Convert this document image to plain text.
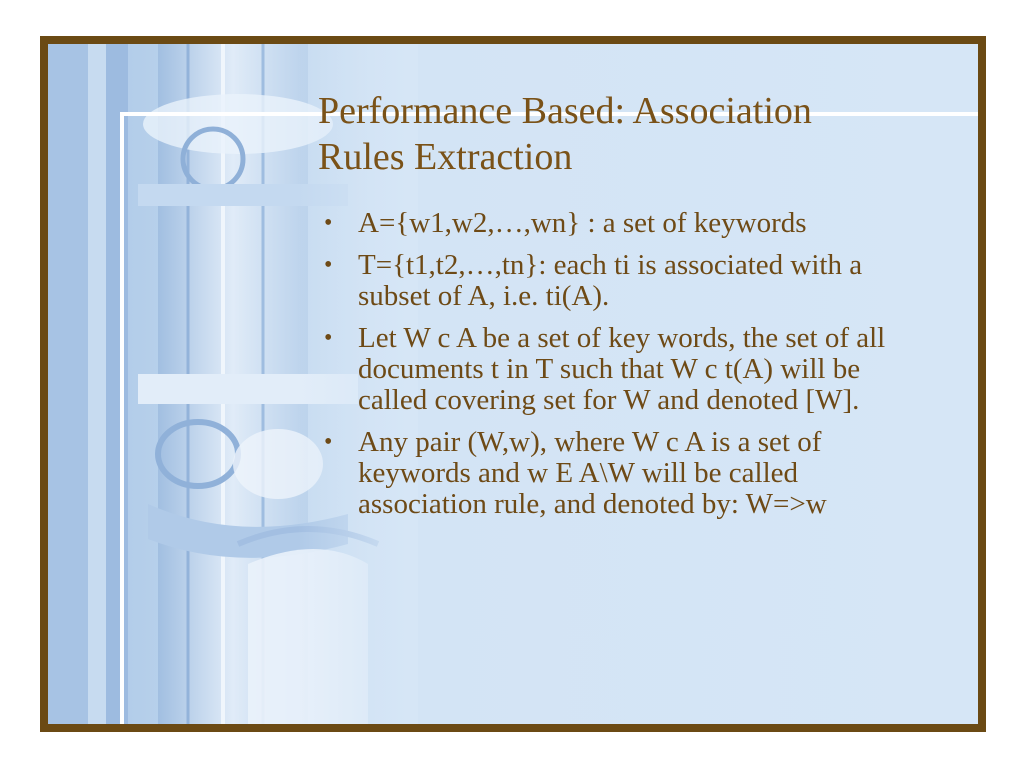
Performance Based: Association
Rules Extraction
• A={w1,w2,…,wn} : a set of keywords
• T={t1,t2,…,tn}: each ti is associated with a subset of A, i.e. ti(A).
• Let W c A be a set of key words, the set of all documents t in T such that W c t(A) will be called covering set for W and denoted [W].
• Any pair (W,w), where W c A is a set of keywords and w E A\W will be called association rule, and denoted by: W=>w
